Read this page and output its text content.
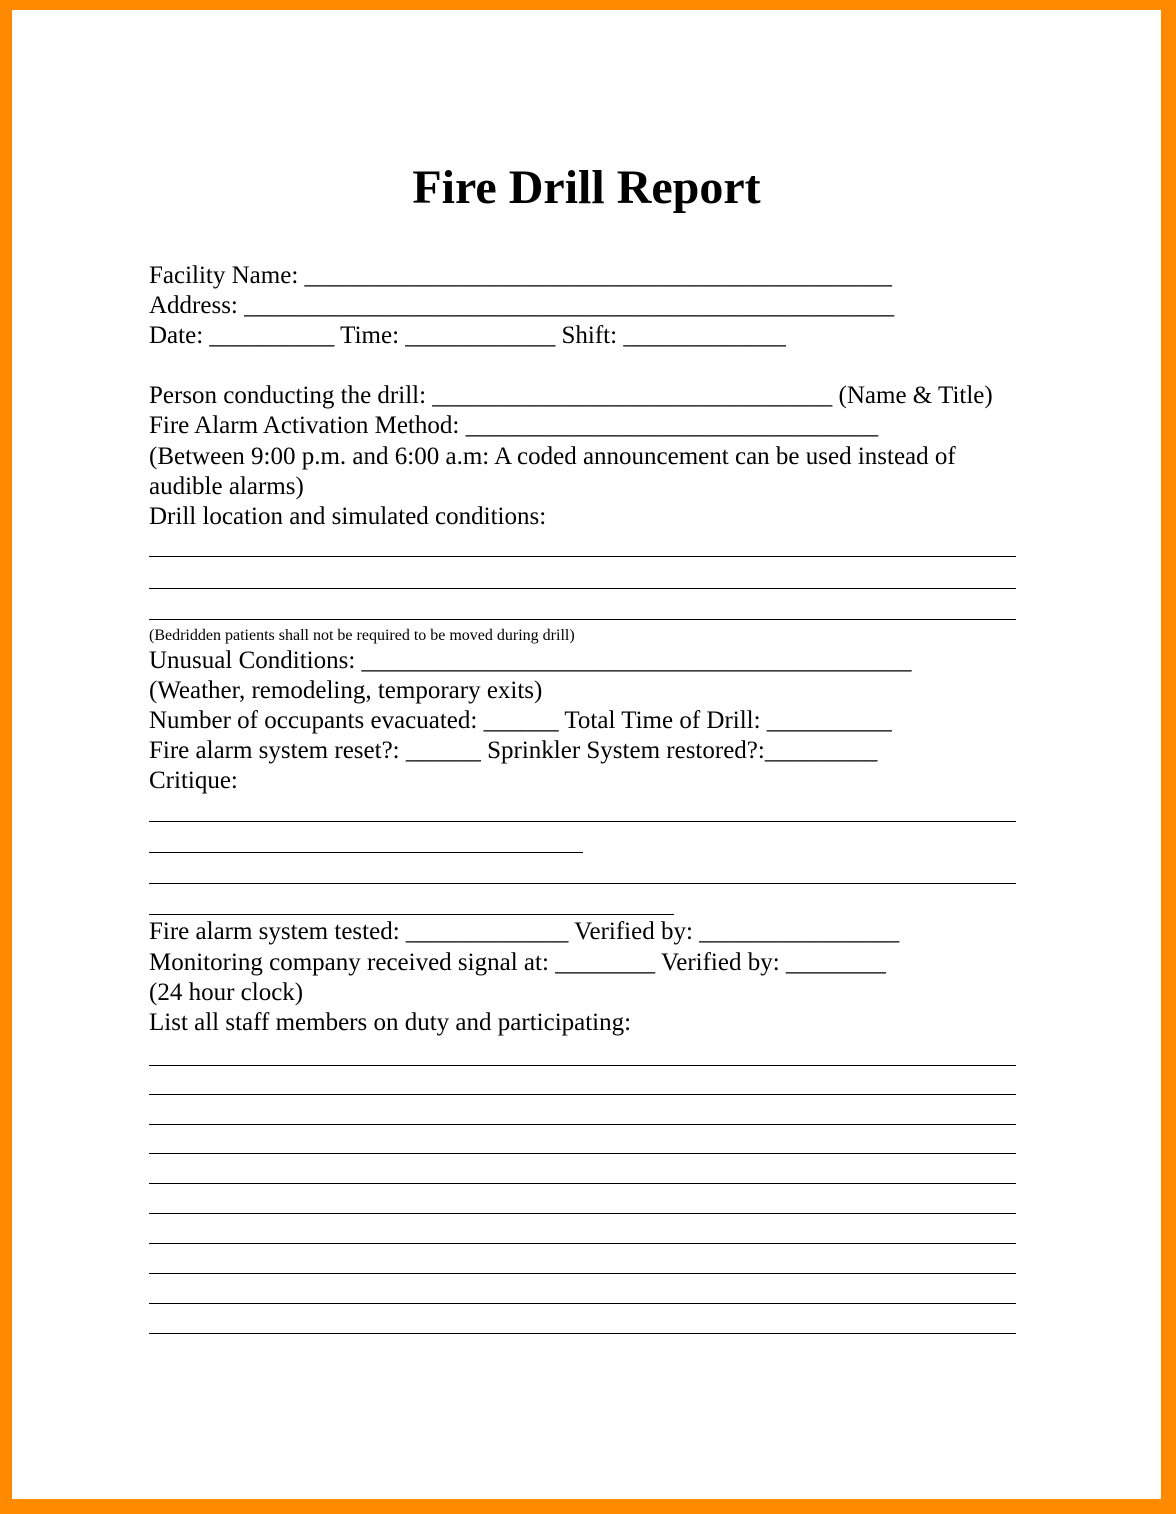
Fire Drill Report

Facility Name: _______________________________________________

Address: ____________________________________________________

Date: __________ Time: ____________ Shift: _____________

Person conducting the drill: ________________________________ (Name & Title)

Fire Alarm Activation Method: _________________________________

(Between 9:00 p.m. and 6:00 a.m: A coded announcement can be used instead of

audible alarms)

Drill location and simulated conditions:

(Bedridden patients shall not be required to be moved during drill)

Unusual Conditions: ____________________________________________

(Weather, remodeling, temporary exits)

Number of occupants evacuated: ______ Total Time of Drill: __________

Fire alarm system reset?: ______ Sprinkler System restored?:_________

Critique:

Fire alarm system tested: _____________ Verified by: ________________

Monitoring company received signal at: ________ Verified by: ________

(24 hour clock)

List all staff members on duty and participating:
